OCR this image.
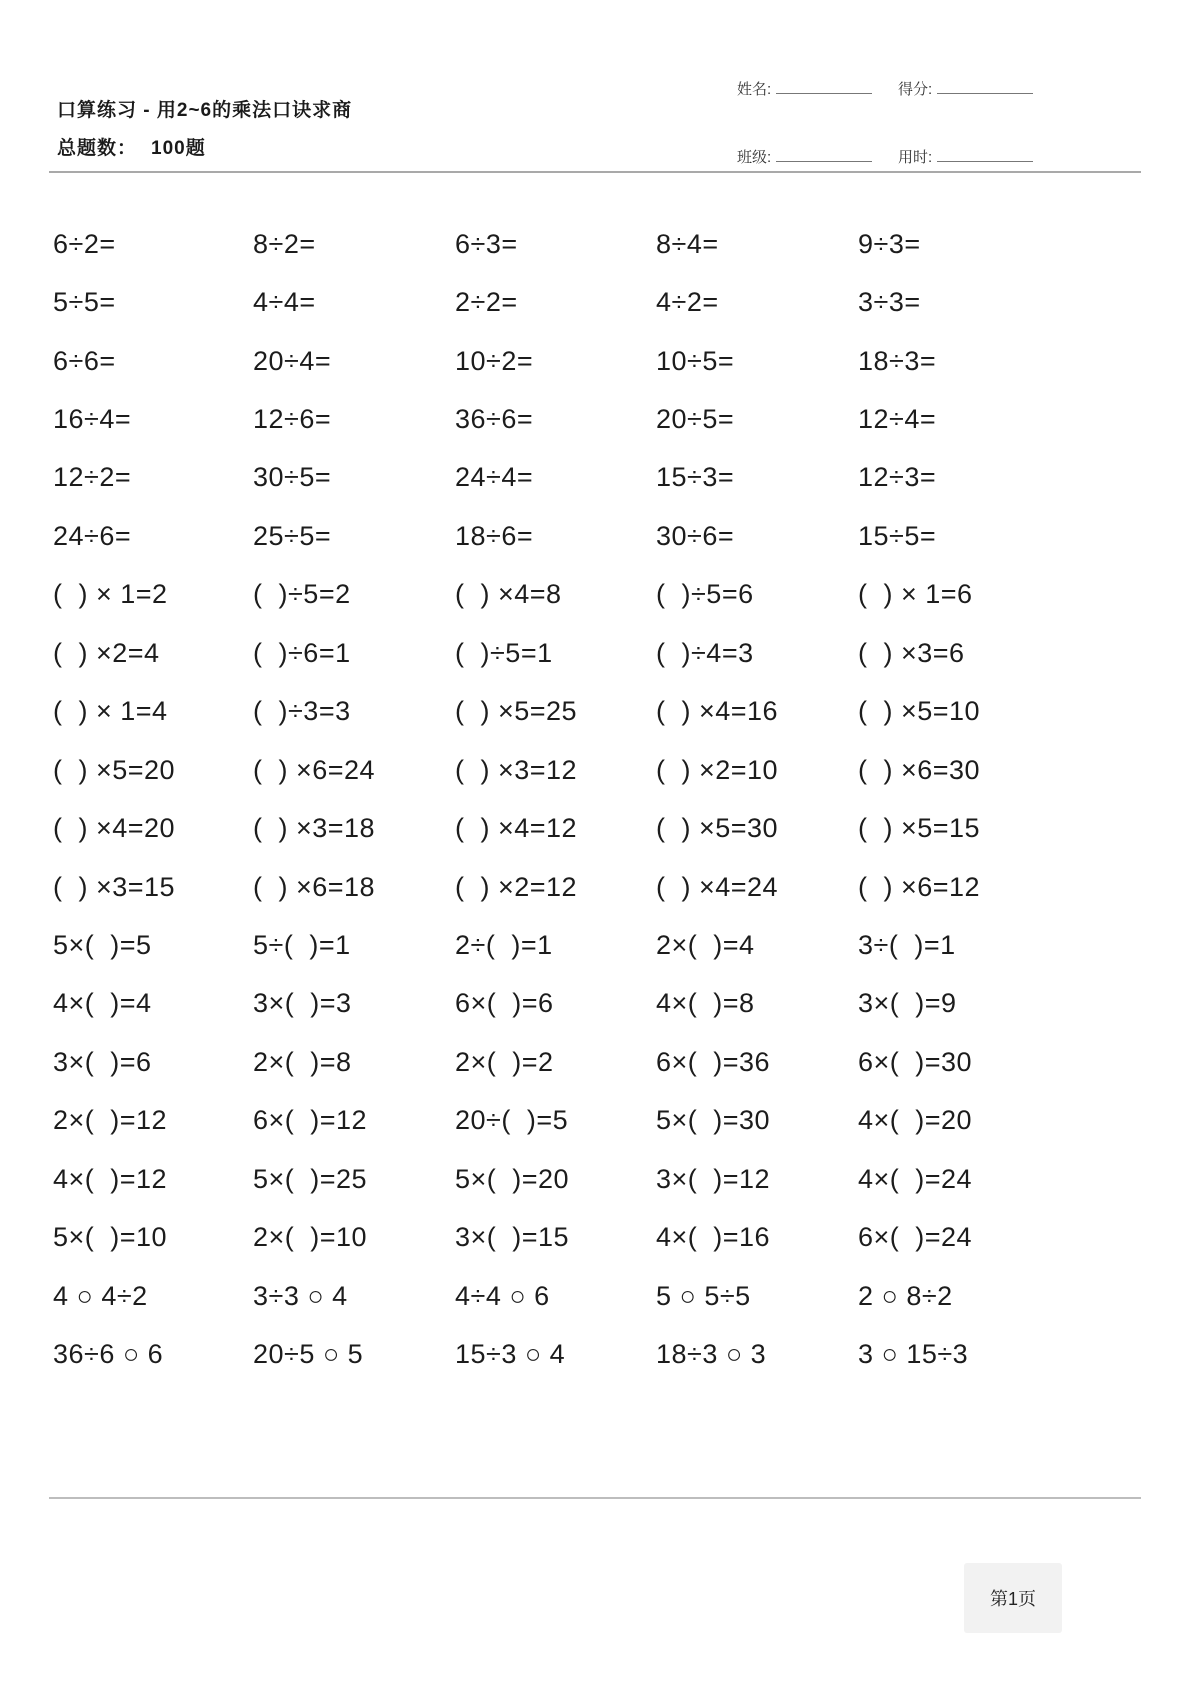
口算练习 - 用2~6的乘法口诀求商
总题数： 100题
姓名:	得分:
班级:	用时:
6÷2=	8÷2=	6÷3=	8÷4=	9÷3=
5÷5=	4÷4=	2÷2=	4÷2=	3÷3=
6÷6=	20÷4=	10÷2=	10÷5=	18÷3=
16÷4=	12÷6=	36÷6=	20÷5=	12÷4=
12÷2=	30÷5=	24÷4=	15÷3=	12÷3=
24÷6=	25÷5=	18÷6=	30÷6=	15÷5=
(  ) × 1=2	(  )÷5=2	(  ) ×4=8	(  )÷5=6	(  ) × 1=6
(  ) ×2=4	(  )÷6=1	(  )÷5=1	(  )÷4=3	(  ) ×3=6
(  ) × 1=4	(  )÷3=3	(  ) ×5=25	(  ) ×4=16	(  ) ×5=10
(  ) ×5=20	(  ) ×6=24	(  ) ×3=12	(  ) ×2=10	(  ) ×6=30
(  ) ×4=20	(  ) ×3=18	(  ) ×4=12	(  ) ×5=30	(  ) ×5=15
(  ) ×3=15	(  ) ×6=18	(  ) ×2=12	(  ) ×4=24	(  ) ×6=12
5×(  )=5	5÷(  )=1	2÷(  )=1	2×(  )=4	3÷(  )=1
4×(  )=4	3×(  )=3	6×(  )=6	4×(  )=8	3×(  )=9
3×(  )=6	2×(  )=8	2×(  )=2	6×(  )=36	6×(  )=30
2×(  )=12	6×(  )=12	20÷(  )=5	5×(  )=30	4×(  )=20
4×(  )=12	5×(  )=25	5×(  )=20	3×(  )=12	4×(  )=24
5×(  )=10	2×(  )=10	3×(  )=15	4×(  )=16	6×(  )=24
4 ○ 4÷2	3÷3 ○ 4	4÷4 ○ 6	5 ○ 5÷5	2 ○ 8÷2
36÷6 ○ 6	20÷5 ○ 5	15÷3 ○ 4	18÷3 ○ 3	3 ○ 15÷3
第1页
